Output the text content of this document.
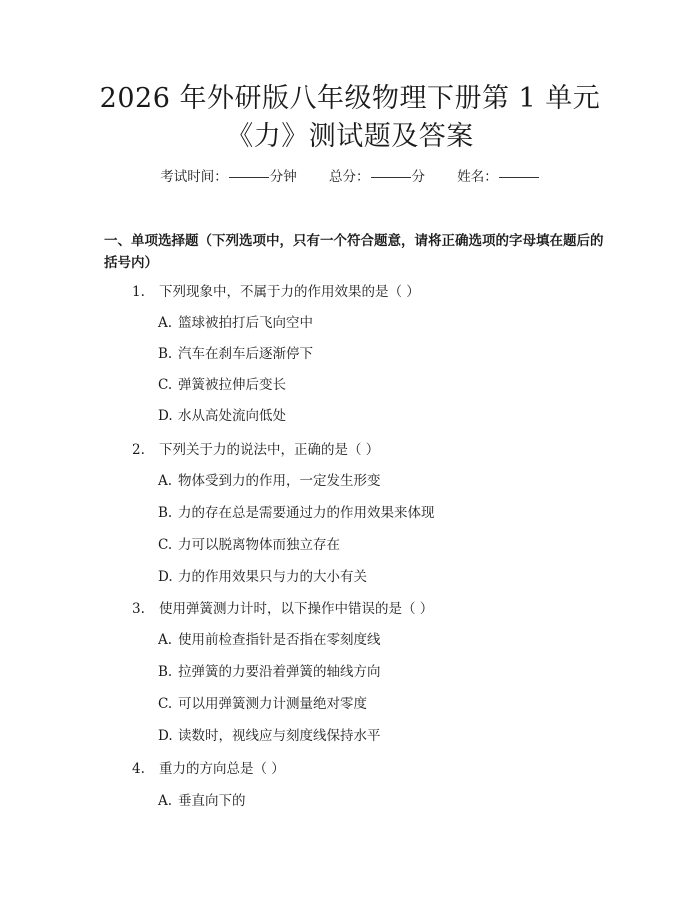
2026 年外研版八年级物理下册第 1 单元
《力》测试题及答案
考试时间：	分钟 总分：	分 姓名：
一、单项选择题（下列选项中，只有一个符合题意，请将正确选项的字母填在题后的括号内）
1. 下列现象中，不属于力的作用效果的是（ ）
A. 篮球被拍打后飞向空中
B. 汽车在刹车后逐渐停下
C. 弹簧被拉伸后变长
D. 水从高处流向低处
2. 下列关于力的说法中，正确的是（ ）
A. 物体受到力的作用，一定发生形变
B. 力的存在总是需要通过力的作用效果来体现
C. 力可以脱离物体而独立存在
D. 力的作用效果只与力的大小有关
3. 使用弹簧测力计时，以下操作中错误的是（ ）
A. 使用前检查指针是否指在零刻度线
B. 拉弹簧的力要沿着弹簧的轴线方向
C. 可以用弹簧测力计测量绝对零度
D. 读数时，视线应与刻度线保持水平
4. 重力的方向总是（ ）
A. 垂直向下的
